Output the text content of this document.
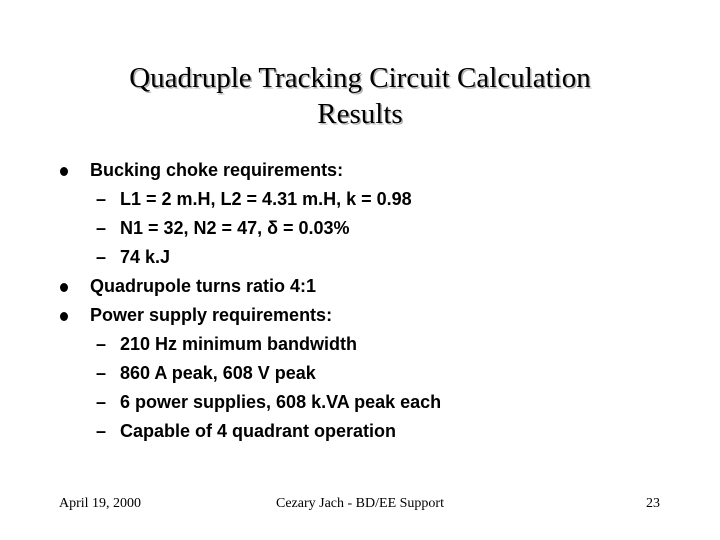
Quadruple Tracking Circuit Calculation
Results
Bucking choke requirements:
– L1 = 2 m.H, L2 = 4.31 m.H, k = 0.98
– N1 = 32, N2 = 47, δ = 0.03%
– 74 k.J
Quadrupole turns ratio 4:1
Power supply requirements:
– 210 Hz minimum bandwidth
– 860 A peak, 608 V peak
– 6 power supplies, 608 k.VA peak each
– Capable of 4 quadrant operation
April 19, 2000	Cezary Jach - BD/EE Support	23
